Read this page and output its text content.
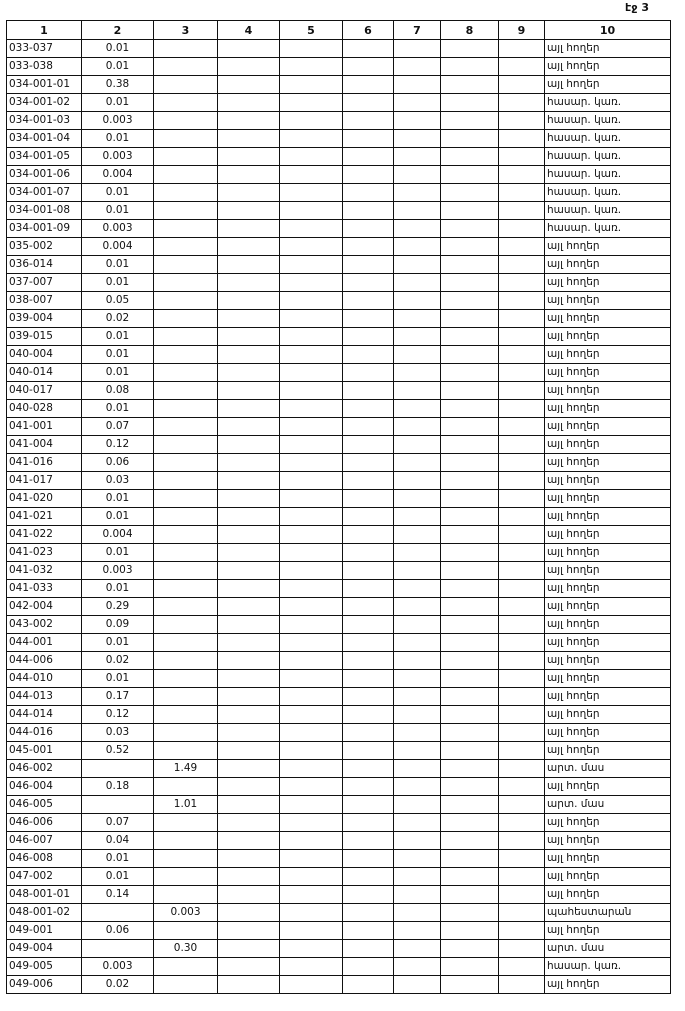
էջ 3
1	2	3	4	5	6	7	8	9	10
033-037	0.01								այլ հողեր
033-038	0.01								այլ հողեր
034-001-01	0.38								այլ հողեր
034-001-02	0.01								հասար. կառ.
034-001-03	0.003								հասար. կառ.
034-001-04	0.01								հասար. կառ.
034-001-05	0.003								հասար. կառ.
034-001-06	0.004								հասար. կառ.
034-001-07	0.01								հասար. կառ.
034-001-08	0.01								հասար. կառ.
034-001-09	0.003								հասար. կառ.
035-002	0.004								այլ հողեր
036-014	0.01								այլ հողեր
037-007	0.01								այլ հողեր
038-007	0.05								այլ հողեր
039-004	0.02								այլ հողեր
039-015	0.01								այլ հողեր
040-004	0.01								այլ հողեր
040-014	0.01								այլ հողեր
040-017	0.08								այլ հողեր
040-028	0.01								այլ հողեր
041-001	0.07								այլ հողեր
041-004	0.12								այլ հողեր
041-016	0.06								այլ հողեր
041-017	0.03								այլ հողեր
041-020	0.01								այլ հողեր
041-021	0.01								այլ հողեր
041-022	0.004								այլ հողեր
041-023	0.01								այլ հողեր
041-032	0.003								այլ հողեր
041-033	0.01								այլ հողեր
042-004	0.29								այլ հողեր
043-002	0.09								այլ հողեր
044-001	0.01								այլ հողեր
044-006	0.02								այլ հողեր
044-010	0.01								այլ հողեր
044-013	0.17								այլ հողեր
044-014	0.12								այլ հողեր
044-016	0.03								այլ հողեր
045-001	0.52								այլ հողեր
046-002		1.49							արտ. մաս
046-004	0.18								այլ հողեր
046-005		1.01							արտ. մաս
046-006	0.07								այլ հողեր
046-007	0.04								այլ հողեր
046-008	0.01								այլ հողեր
047-002	0.01								այլ հողեր
048-001-01	0.14								այլ հողեր
048-001-02		0.003							պահեստարան
049-001	0.06								այլ հողեր
049-004		0.30							արտ. մաս
049-005	0.003								հասար. կառ.
049-006	0.02								այլ հողեր
